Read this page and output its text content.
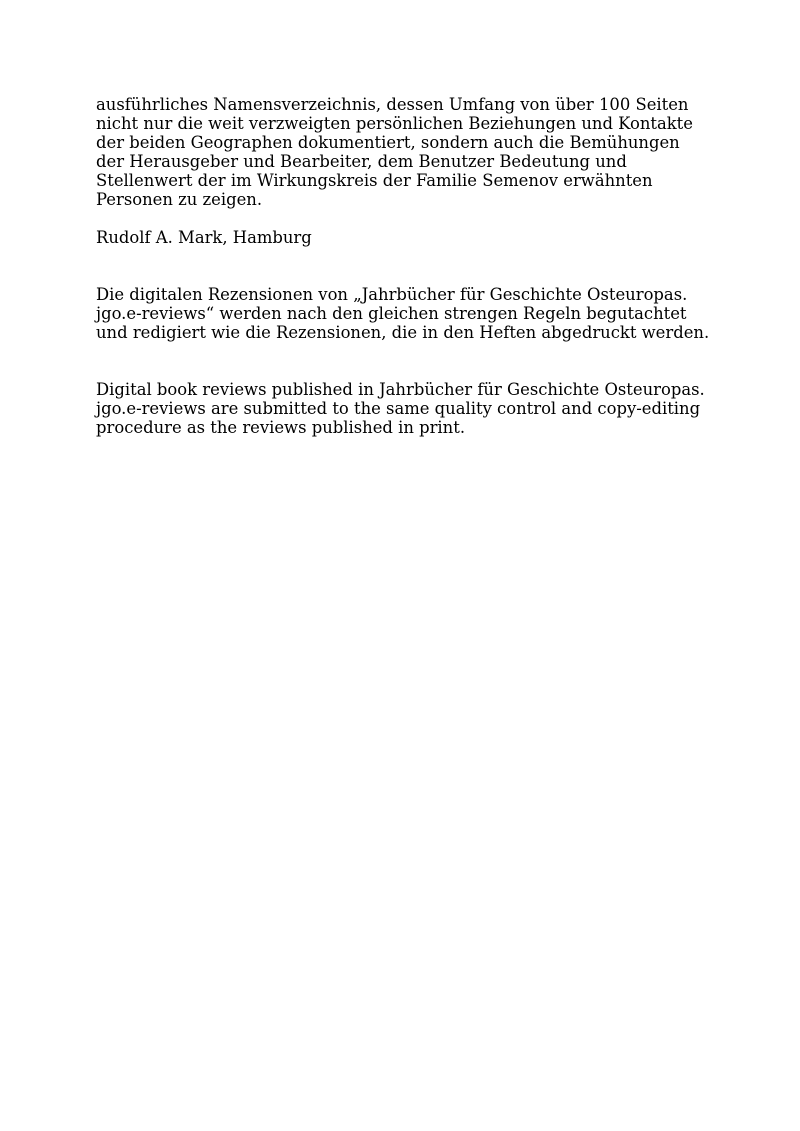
ausführliches Namensverzeichnis, dessen Umfang von über 100 Seiten
nicht nur die weit verzweigten persönlichen Beziehungen und Kontakte
der beiden Geographen dokumentiert, sondern auch die Bemühungen
der Herausgeber und Bearbeiter, dem Benutzer Bedeutung und
Stellenwert der im Wirkungskreis der Familie Semenov erwähnten
Personen zu zeigen.

Rudolf A. Mark, Hamburg

Die digitalen Rezensionen von „Jahrbücher für Geschichte Osteuropas.
jgo.e-reviews“ werden nach den gleichen strengen Regeln begutachtet
und redigiert wie die Rezensionen, die in den Heften abgedruckt werden.

Digital book reviews published in Jahrbücher für Geschichte Osteuropas.
jgo.e-reviews are submitted to the same quality control and copy-editing
procedure as the reviews published in print.
